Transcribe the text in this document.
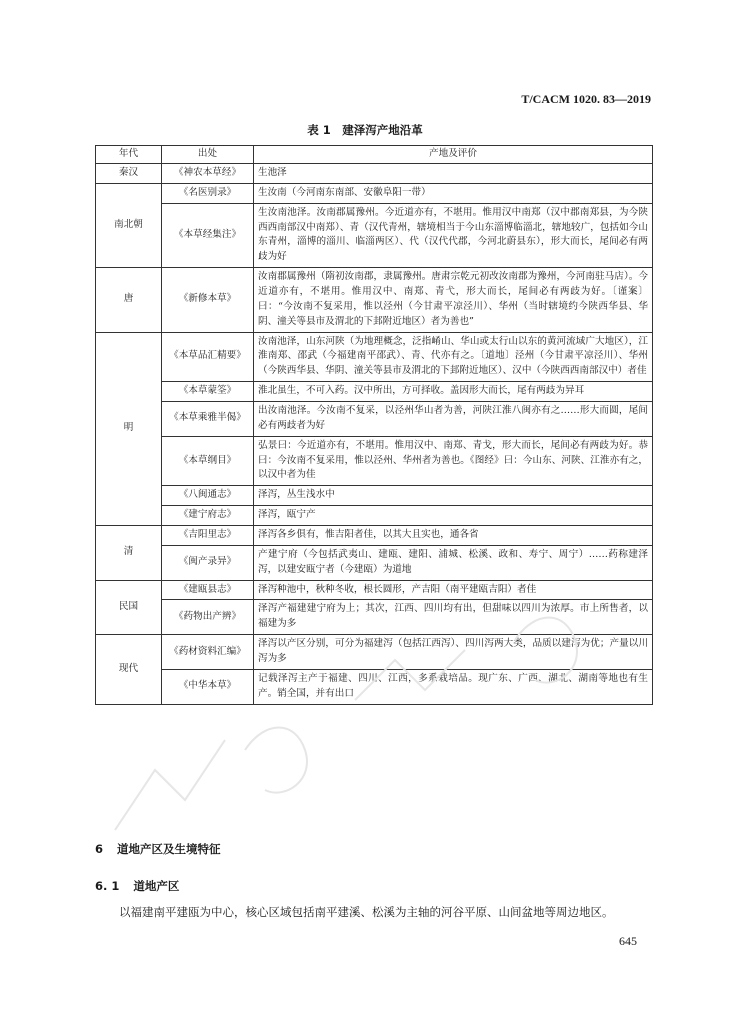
T/CACM 1020. 83—2019
表 1　建泽泻产地沿革
年代	出处	产地及评价
秦汉	《神农本草经》	生池泽
南北朝	《名医别录》	生汝南（今河南东南部、安徽阜阳一带）
	《本草经集注》	生汝南池泽。汝南郡属豫州。今近道亦有，不堪用。惟用汉中南郑（汉中郡南郑县，为今陕西西南部汉中南郑）、青（汉代青州，辖境相当于今山东淄博临淄北，辖地较广，包括如今山东青州，淄博的淄川、临淄两区）、代（汉代代郡，今河北蔚县东），形大而长，尾间必有两歧为好
唐	《新修本草》	汝南郡属豫州（隋初汝南郡，隶属豫州。唐肃宗乾元初改汝南郡为豫州，今河南驻马店）。今近道亦有，不堪用。惟用汉中、南郑、青弋，形大而长，尾间必有两歧为好。〔谨案〕曰：“今汝南不复采用，惟以泾州（今甘肃平凉泾川）、华州（当时辖境约今陕西华县、华阴、潼关等县市及渭北的下邽附近地区）者为善也”
明	《本草品汇精要》	汝南池泽，山东河陕（为地理概念，泛指崤山、华山或太行山以东的黄河流域广大地区），江淮南郑、邵武（今福建南平邵武）、青、代亦有之。〔道地〕泾州（今甘肃平凉泾川）、华州（今陕西华县、华阴、潼关等县市及渭北的下邽附近地区）、汉中（今陕西西南部汉中）者佳
	《本草蒙筌》	淮北虽生，不可入药。汉中所出，方可择收。盖因形大而长，尾有两歧为异耳
	《本草乘雅半偈》	出汝南池泽。今汝南不复采，以泾州华山者为善，河陕江淮八闽亦有之……形大而圆，尾间必有两歧者为好
	《本草纲目》	弘景曰：今近道亦有，不堪用。惟用汉中、南郑、青戈，形大而长，尾间必有两歧为好。恭曰：今汝南不复采用，惟以泾州、华州者为善也。《图经》曰：今山东、河陕、江淮亦有之，以汉中者为佳
	《八闽通志》	泽泻，丛生浅水中
	《建宁府志》	泽泻，瓯宁产
清	《吉阳里志》	泽泻各乡俱有，惟吉阳者佳，以其大且实也，通各省
	《闽产录异》	产建宁府（今包括武夷山、建瓯、建阳、浦城、松溪、政和、寿宁、周宁）……药称建泽泻，以建安瓯宁者（今建瓯）为道地
民国	《建瓯县志》	泽泻种池中，秋种冬收，根长圆形，产吉阳（南平建瓯吉阳）者佳
	《药物出产辨》	泽泻产福建建宁府为上；其次，江西、四川均有出，但甜味以四川为浓厚。市上所售者，以福建为多
现代	《药材资料汇编》	泽泻以产区分别，可分为福建泻（包括江西泻）、四川泻两大类，品质以建泻为优；产量以川泻为多
	《中华本草》	记载泽泻主产于福建、四川、江西，多系栽培品。现广东、广西、湖北、湖南等地也有生产。销全国，并有出口
6 道地产区及生境特征
6. 1 道地产区
以福建南平建瓯为中心，核心区域包括南平建溪、松溪为主轴的河谷平原、山间盆地等周边地区。
645
